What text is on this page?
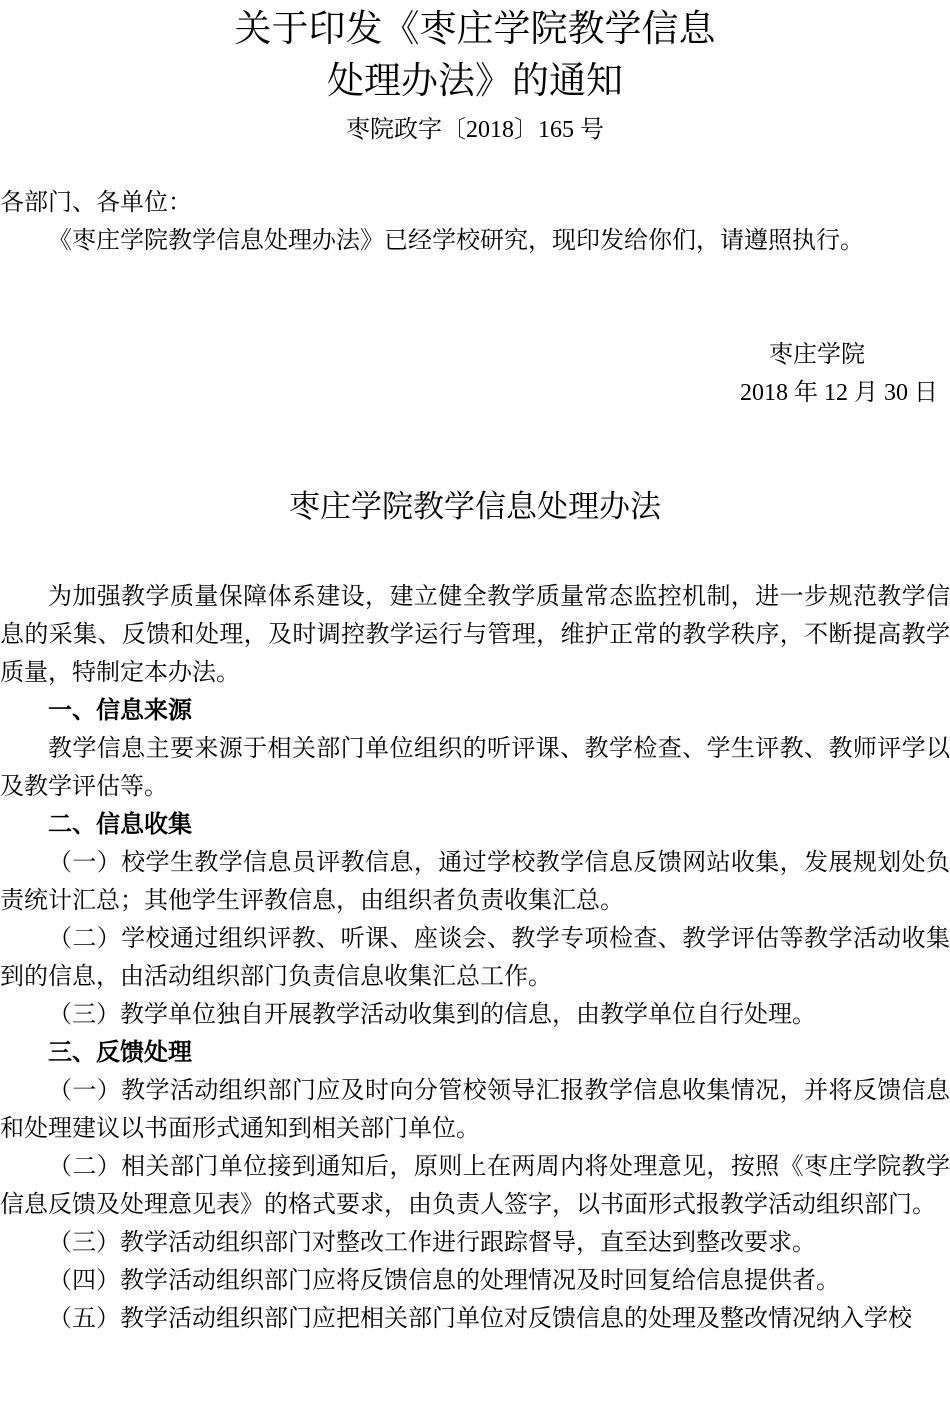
关于印发《枣庄学院教学信息
处理办法》的通知
枣院政字〔2018〕165 号
各部门、各单位：
《枣庄学院教学信息处理办法》已经学校研究，现印发给你们，请遵照执行。
枣庄学院
2018 年 12 月 30 日
枣庄学院教学信息处理办法

为加强教学质量保障体系建设，建立健全教学质量常态监控机制，进一步规范教学信息的采集、反馈和处理，及时调控教学运行与管理，维护正常的教学秩序，不断提高教学质量，特制定本办法。

一、信息来源

教学信息主要来源于相关部门单位组织的听评课、教学检查、学生评教、教师评学以及教学评估等。

二、信息收集

（一）校学生教学信息员评教信息，通过学校教学信息反馈网站收集，发展规划处负责统计汇总；其他学生评教信息，由组织者负责收集汇总。

（二）学校通过组织评教、听课、座谈会、教学专项检查、教学评估等教学活动收集到的信息，由活动组织部门负责信息收集汇总工作。

（三）教学单位独自开展教学活动收集到的信息，由教学单位自行处理。

三、反馈处理

（一）教学活动组织部门应及时向分管校领导汇报教学信息收集情况，并将反馈信息和处理建议以书面形式通知到相关部门单位。

（二）相关部门单位接到通知后，原则上在两周内将处理意见，按照《枣庄学院教学信息反馈及处理意见表》的格式要求，由负责人签字，以书面形式报教学活动组织部门。

（三）教学活动组织部门对整改工作进行跟踪督导，直至达到整改要求。

（四）教学活动组织部门应将反馈信息的处理情况及时回复给信息提供者。

（五）教学活动组织部门应把相关部门单位对反馈信息的处理及整改情况纳入学校
